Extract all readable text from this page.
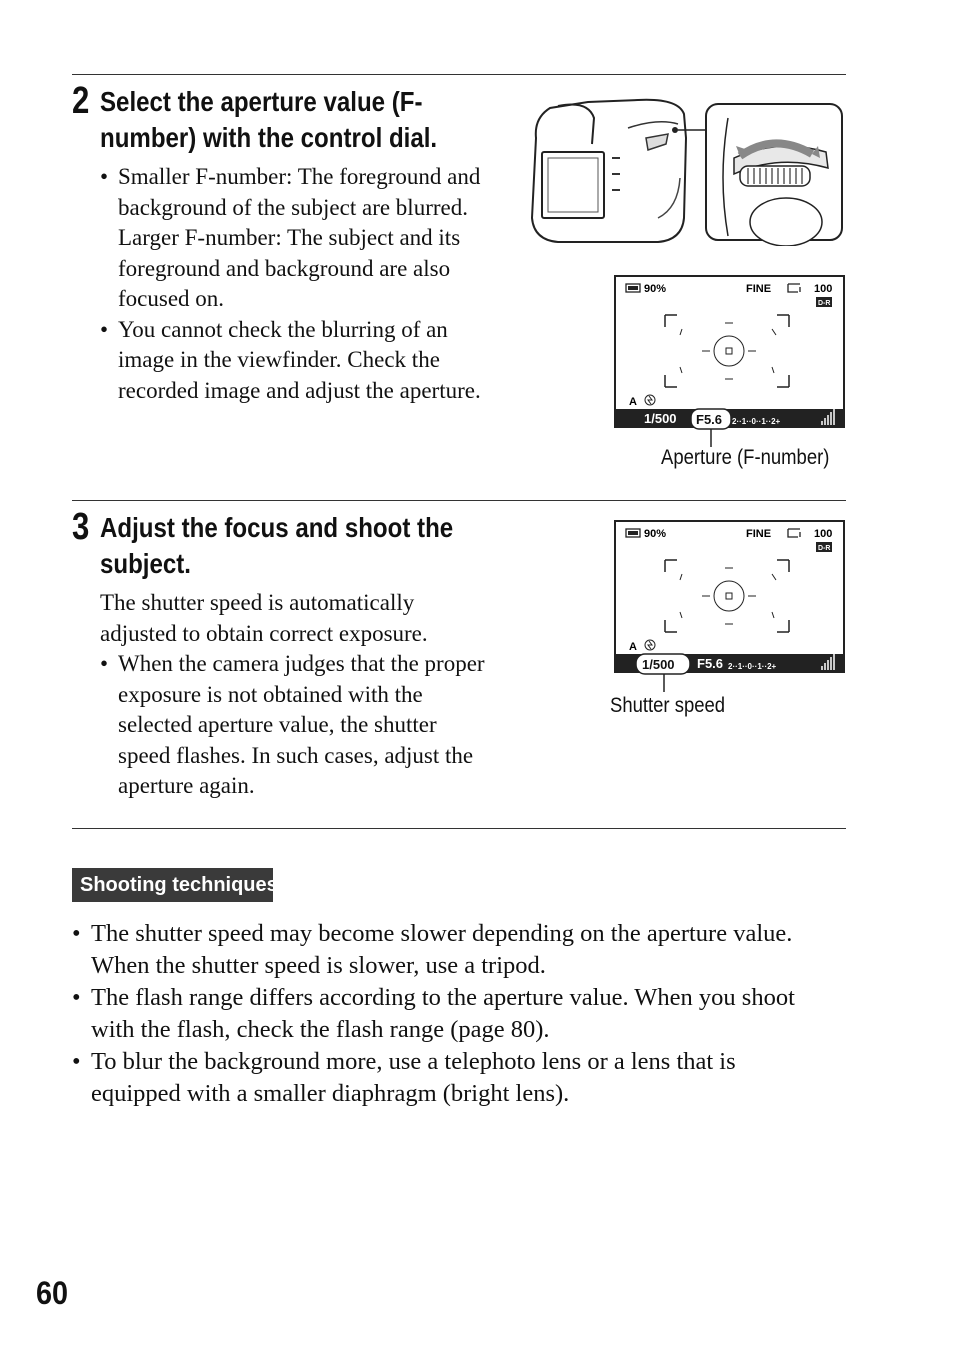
2 Select the aperture value (F-
number) with the control dial.
• Smaller F-number: The foreground and
background of the subject are blurred.
Larger F-number: The subject and its
foreground and background are also
focused on.
• You cannot check the blurring of an
image in the viewfinder. Check the
recorded image and adjust the aperture.
90%	FINE	100
D-R
A
1/500 F5.6 2··1··0··1··2+
Aperture (F-number)
3 Adjust the focus and shoot the
subject.
The shutter speed is automatically
adjusted to obtain correct exposure.
• When the camera judges that the proper
exposure is not obtained with the
selected aperture value, the shutter
speed flashes. In such cases, adjust the
aperture again.
90%	FINE	100
D-R
A
1/500 F5.6 2··1··0··1··2+
Shutter speed
Shooting techniques
• The shutter speed may become slower depending on the aperture value.
When the shutter speed is slower, use a tripod.
• The flash range differs according to the aperture value. When you shoot
with the flash, check the flash range (page 80).
• To blur the background more, use a telephoto lens or a lens that is
equipped with a smaller diaphragm (bright lens).
60
